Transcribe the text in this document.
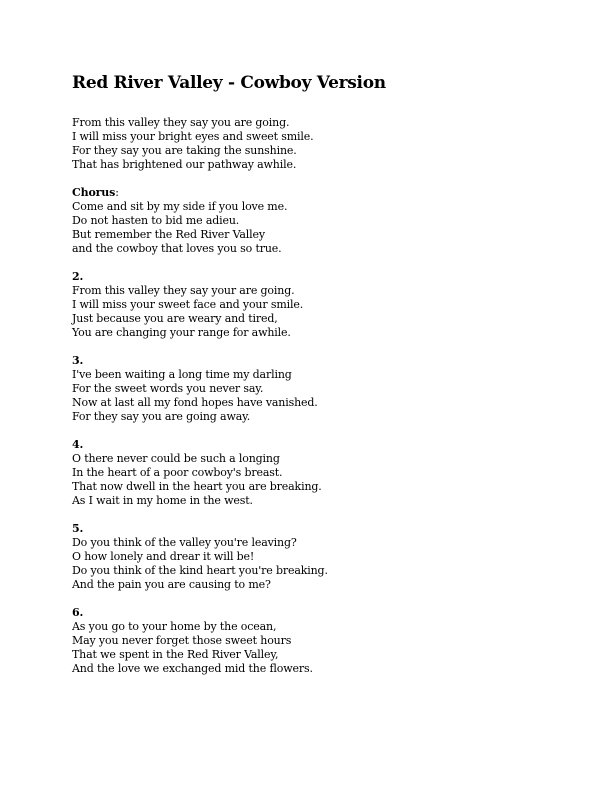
Red River Valley - Cowboy Version
From this valley they say you are going.
I will miss your bright eyes and sweet smile.
For they say you are taking the sunshine.
That has brightened our pathway awhile.
Chorus:
Come and sit by my side if you love me.
Do not hasten to bid me adieu.
But remember the Red River Valley
and the cowboy that loves you so true.
2.
From this valley they say your are going.
I will miss your sweet face and your smile.
Just because you are weary and tired,
You are changing your range for awhile.
3.
I've been waiting a long time my darling
For the sweet words you never say.
Now at last all my fond hopes have vanished.
For they say you are going away.
4.
O there never could be such a longing
In the heart of a poor cowboy's breast.
That now dwell in the heart you are breaking.
As I wait in my home in the west.
5.
Do you think of the valley you're leaving?
O how lonely and drear it will be!
Do you think of the kind heart you're breaking.
And the pain you are causing to me?
6.
As you go to your home by the ocean,
May you never forget those sweet hours
That we spent in the Red River Valley,
And the love we exchanged mid the flowers.
